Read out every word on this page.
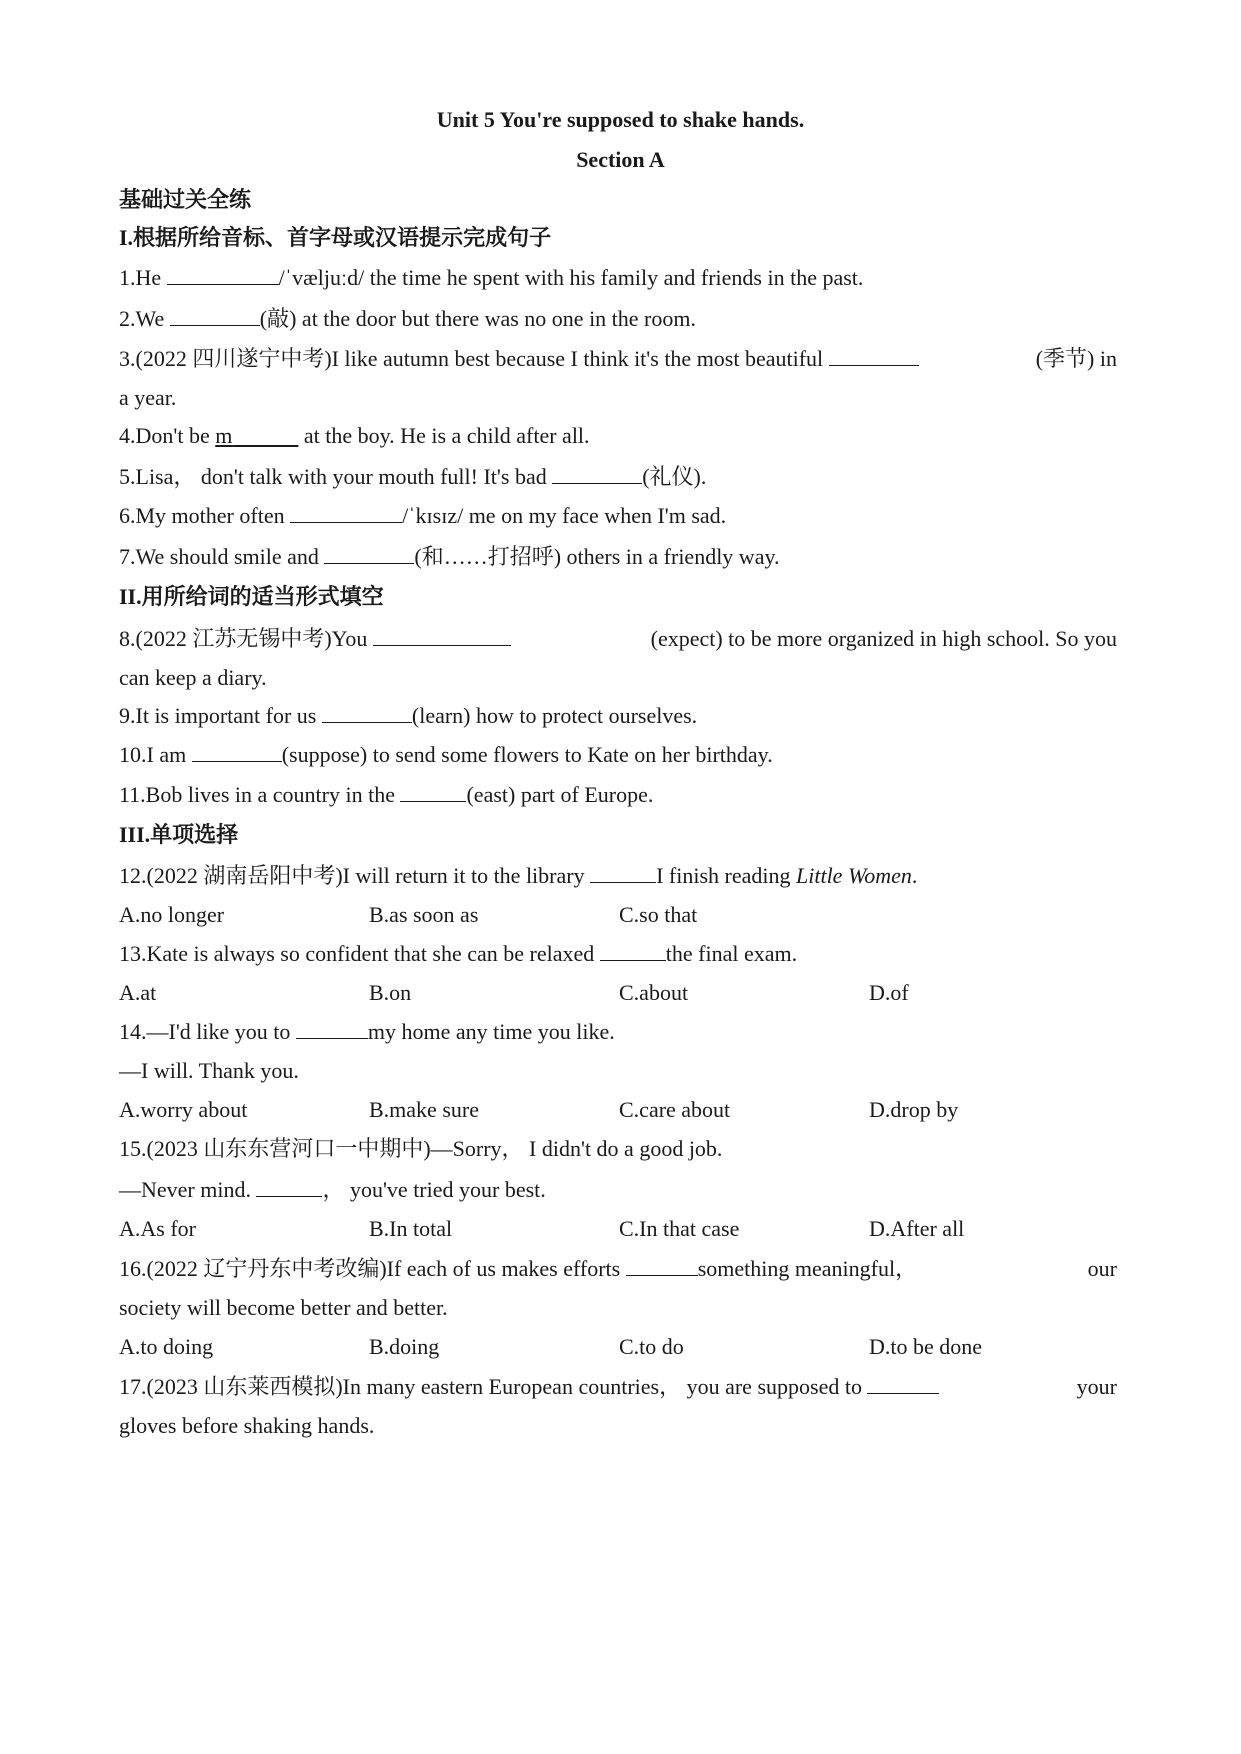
Unit 5 You're supposed to shake hands.
Section A
基础过关全练
I.根据所给音标、首字母或汉语提示完成句子
1.He	/ˈvæljuːd/ the time he spent with his family and friends in the past.
2.We	(敲) at the door but there was no one in the room.
3.(2022 四川遂宁中考)I like autumn best because I think it's the most beautiful	(季节) in
a year.
4.Don't be m	at the boy. He is a child after all.
5.Lisa， don't talk with your mouth full! It's bad	(礼仪).
6.My mother often	/ˈkɪsɪz/ me on my face when I'm sad.
7.We should smile and	(和……打招呼) others in a friendly way.
II.用所给词的适当形式填空
8.(2022 江苏无锡中考)You	(expect) to be more organized in high school. So you
can keep a diary.
9.It is important for us	(learn) how to protect ourselves.
10.I am	(suppose) to send some flowers to Kate on her birthday.
11.Bob lives in a country in the	(east) part of Europe.
III.单项选择
12.(2022 湖南岳阳中考)I will return it to the library	I finish reading Little Women.
A.no longer	B.as soon as	C.so that
13.Kate is always so confident that she can be relaxed	the final exam.
A.at	B.on	C.about	D.of
14.—I'd like you to	my home any time you like.
—I will. Thank you.
A.worry about	B.make sure	C.care about	D.drop by
15.(2023 山东东营河口一中期中)—Sorry， I didn't do a good job.
—Never mind.	， you've tried your best.
A.As for	B.In total	C.In that case	D.After all
16.(2022 辽宁丹东中考改编)If each of us makes efforts	something meaningful，	our
society will become better and better.
A.to doing	B.doing	C.to do	D.to be done
17.(2023 山东莱西模拟)In many eastern European countries， you are supposed to	your
gloves before shaking hands.
